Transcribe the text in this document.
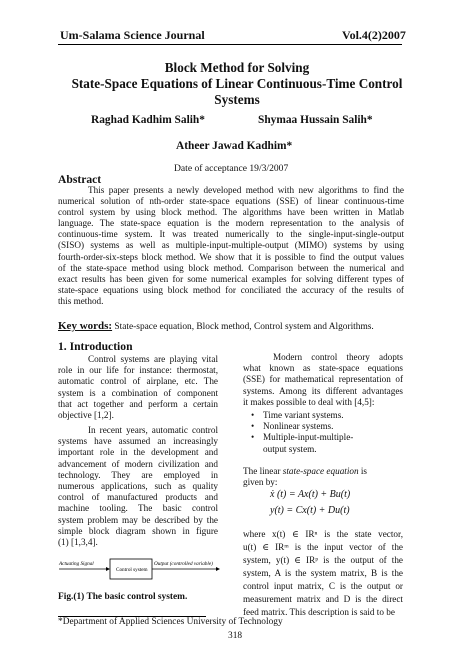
Um-Salama Science Journal	Vol.4(2)2007
Block Method for Solving
State-Space Equations of Linear Continuous-Time Control
Systems
Raghad Kadhim Salih*	Shymaa Hussain Salih*
Atheer Jawad Kadhim*
Date of acceptance 19/3/2007
Abstract
This paper presents a newly developed method with new algorithms to find the
numerical solution of nth-order state-space equations (SSE) of linear continuous-time
control system by using block method. The algorithms have been written in Matlab
language. The state-space equation is the modern representation to the analysis of
continuous-time system. It was treated numerically to the single-input-single-output
(SISO) systems as well as multiple-input-multiple-output (MIMO) systems by using
fourth-order-six-steps block method. We show that it is possible to find the output values
of the state-space method using block method. Comparison between the numerical and
exact results has been given for some numerical examples for solving different types of
state-space equations using block method for conciliated the accuracy of the results of
this method.
Key words: State-space equation, Block method, Control system and Algorithms.
1. Introduction
Control systems are playing vital
role in our life for instance: thermostat,
automatic control of airplane, etc. The
system is a combination of component
that act together and perform a certain
objective [1,2].
In recent years, automatic control
systems have assumed an increasingly
important role in the development and
advancement of modern civilization and
technology. They are employed in
numerous applications, such as quality
control of manufactured products and
machine tooling. The basic control
system problem may be described by the
simple block diagram shown in figure
(1) [1,3,4].
Actuating Signal
Control system
Output (controlled variable)
Fig.(1) The basic control system.
Modern control theory adopts
what known as state-space equations
(SSE) for mathematical representation of
systems. Among its different advantages
it makes possible to deal with [4,5]:
• Time variant systems.
• Nonlinear systems.
• Multiple-input-multiple-
output system.
The linear state-space equation is
given by:
ẋ (t) = Ax(t) + Bu(t)
y(t) = Cx(t) + Du(t)
where x(t) ∈ IRⁿ is the state vector,
u(t) ∈ IRᵐ is the input vector of the
system, y(t) ∈ IRᵖ is the output of the
system, A is the system matrix, B is the
control input matrix, C is the output or
measurement matrix and D is the direct
feed matrix. This description is said to be
*Department of Applied Sciences University of Technology
318
